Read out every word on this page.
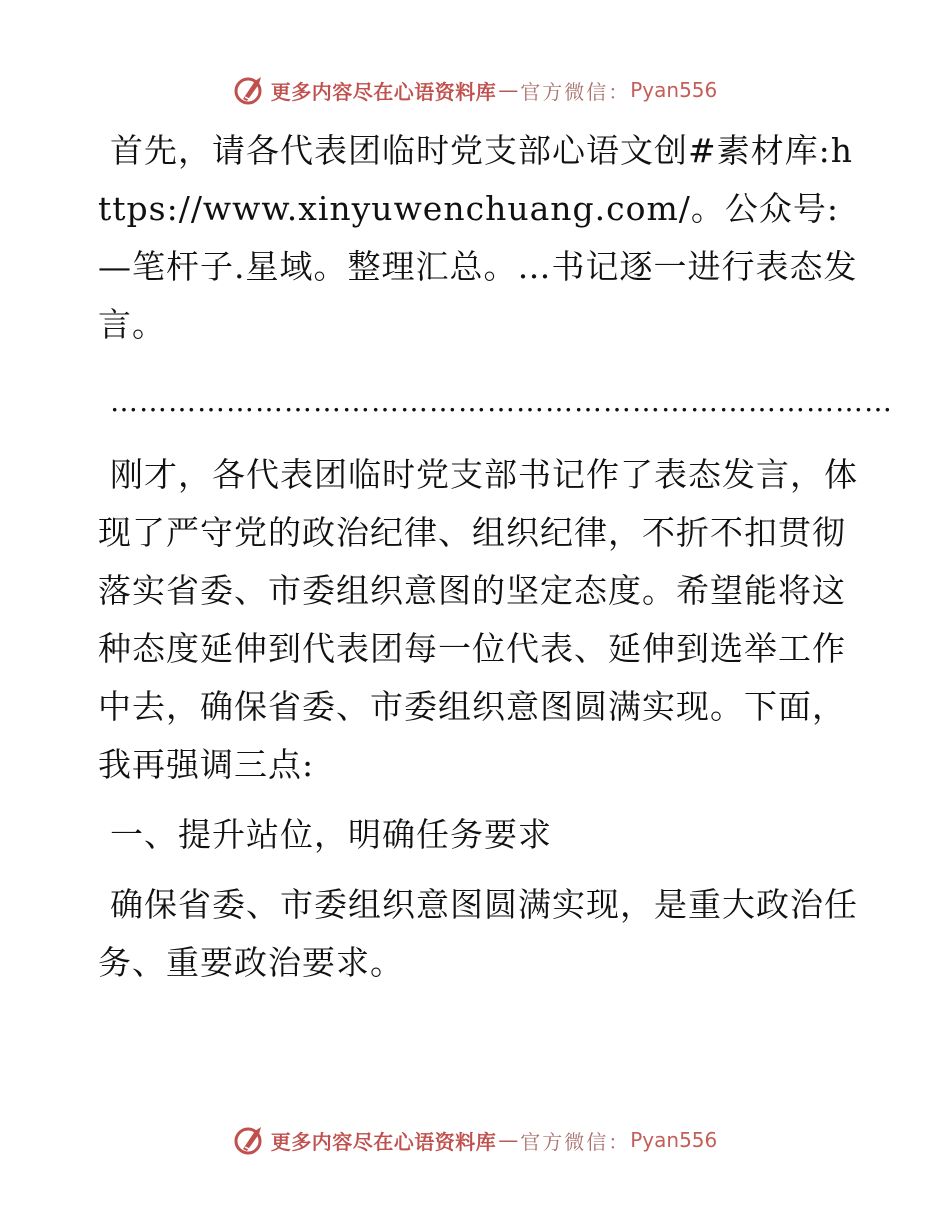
更多内容尽在心语资料库 — 官方微信： Pyan556

首先，请各代表团临时党支部心语文创#素材库:https://www.xinyuwenchuang.com/。公众号: —笔杆子.星域。整理汇总。…书记逐一进行表态发言。

………………………………………………………………………

刚才，各代表团临时党支部书记作了表态发言，体现了严守党的政治纪律、组织纪律，不折不扣贯彻落实省委、市委组织意图的坚定态度。希望能将这种态度延伸到代表团每一位代表、延伸到选举工作中去，确保省委、市委组织意图圆满实现。下面，我再强调三点:

一、提升站位，明确任务要求

确保省委、市委组织意图圆满实现，是重大政治任务、重要政治要求。

更多内容尽在心语资料库 — 官方微信： Pyan556
